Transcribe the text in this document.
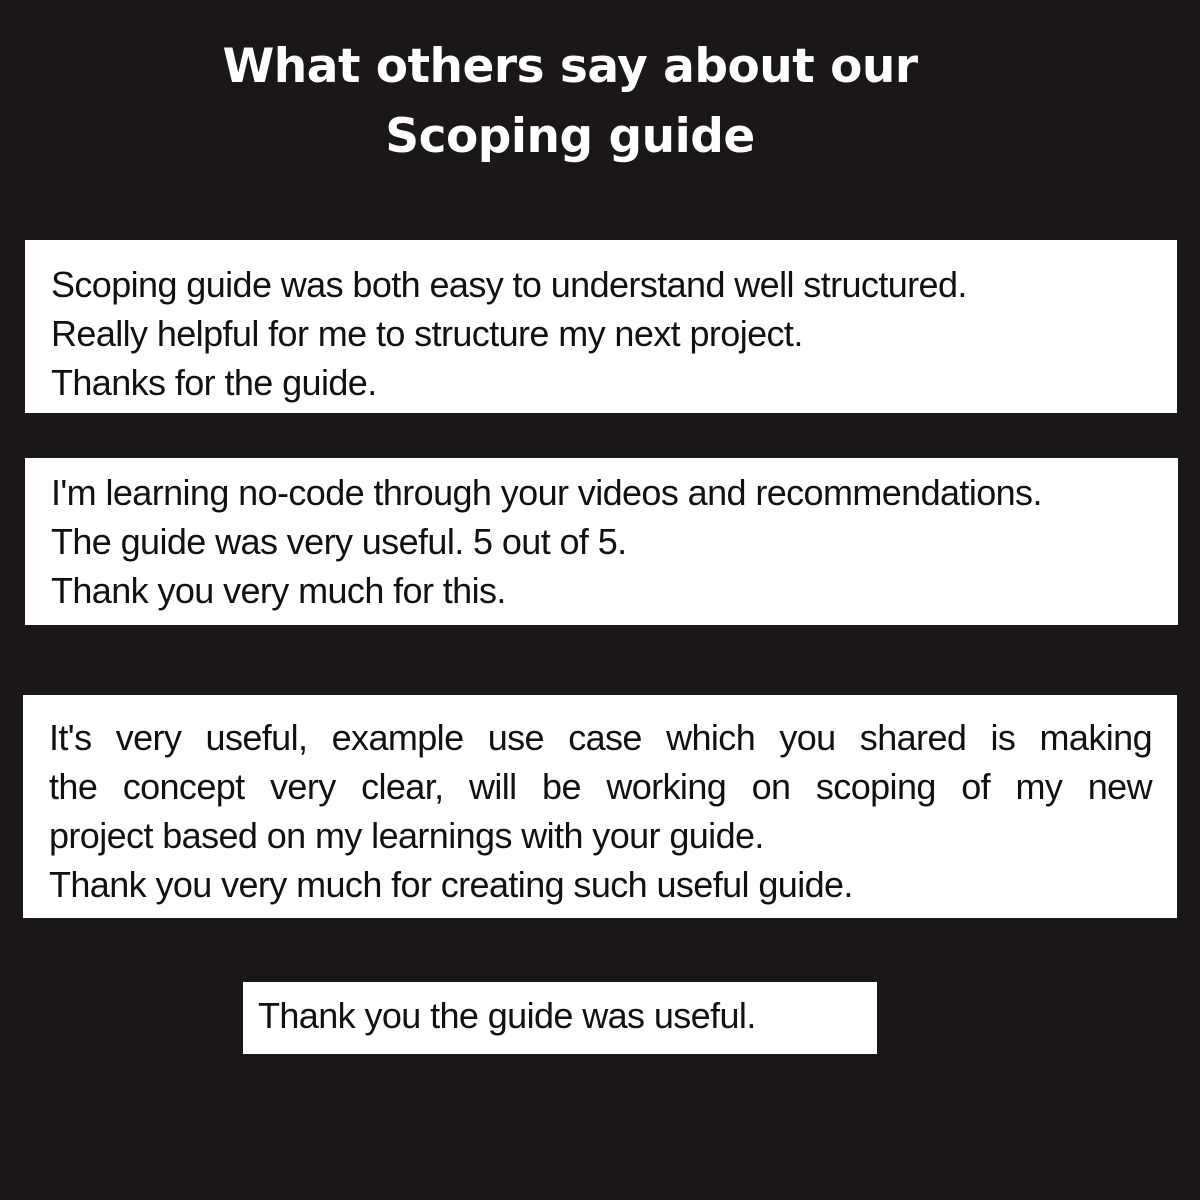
What others say about our
Scoping guide
Scoping guide was both easy to understand well structured.
Really helpful for me to structure my next project.
Thanks for the guide.
I'm learning no-code through your videos and recommendations.
The guide was very useful. 5 out of 5.
Thank you very much for this.
It's very useful, example use case which you shared is making
the concept very clear, will be working on scoping of my new
project based on my learnings with your guide.
Thank you very much for creating such useful guide.
Thank you the guide was useful.
